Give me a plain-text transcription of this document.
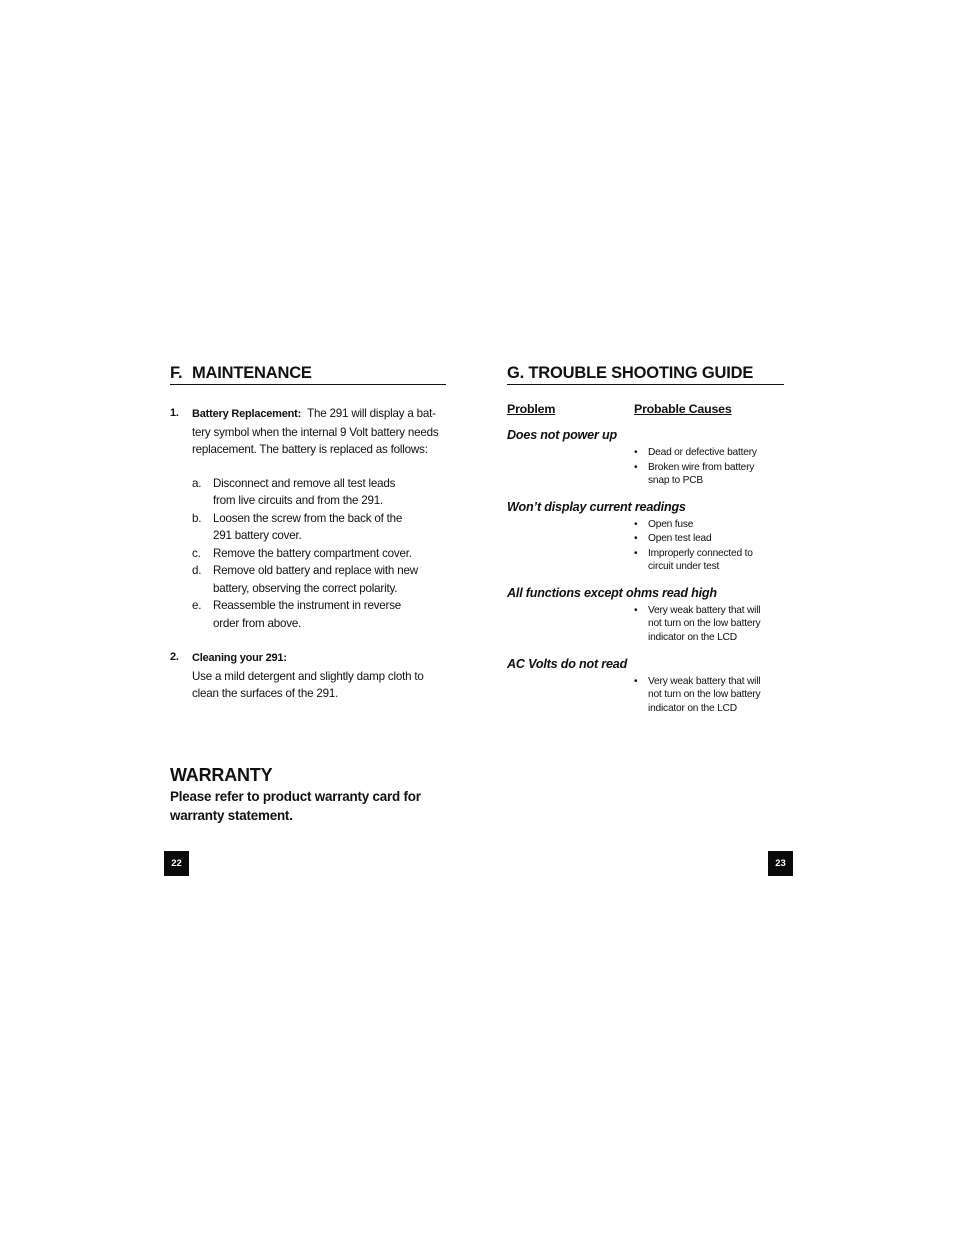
F. MAINTENANCE
1. Battery Replacement: The 291 will display a bat-
tery symbol when the internal 9 Volt battery needs
replacement. The battery is replaced as follows:
a. Disconnect and remove all test leads
from live circuits and from the 291.
b. Loosen the screw from the back of the
291 battery cover.
c. Remove the battery compartment cover.
d. Remove old battery and replace with new
battery, observing the correct polarity.
e. Reassemble the instrument in reverse
order from above.
2. Cleaning your 291:
Use a mild detergent and slightly damp cloth to
clean the surfaces of the 291.
WARRANTY
Please refer to product warranty card for
warranty statement.
G. TROUBLE SHOOTING GUIDE
Problem	Probable Causes
Does not power up
• Dead or defective battery
• Broken wire from battery
snap to PCB
Won’t display current readings
• Open fuse
• Open test lead
• Improperly connected to
circuit under test
All functions except ohms read high
• Very weak battery that will
not turn on the low battery
indicator on the LCD
AC Volts do not read
• Very weak battery that will
not turn on the low battery
indicator on the LCD
22	23
